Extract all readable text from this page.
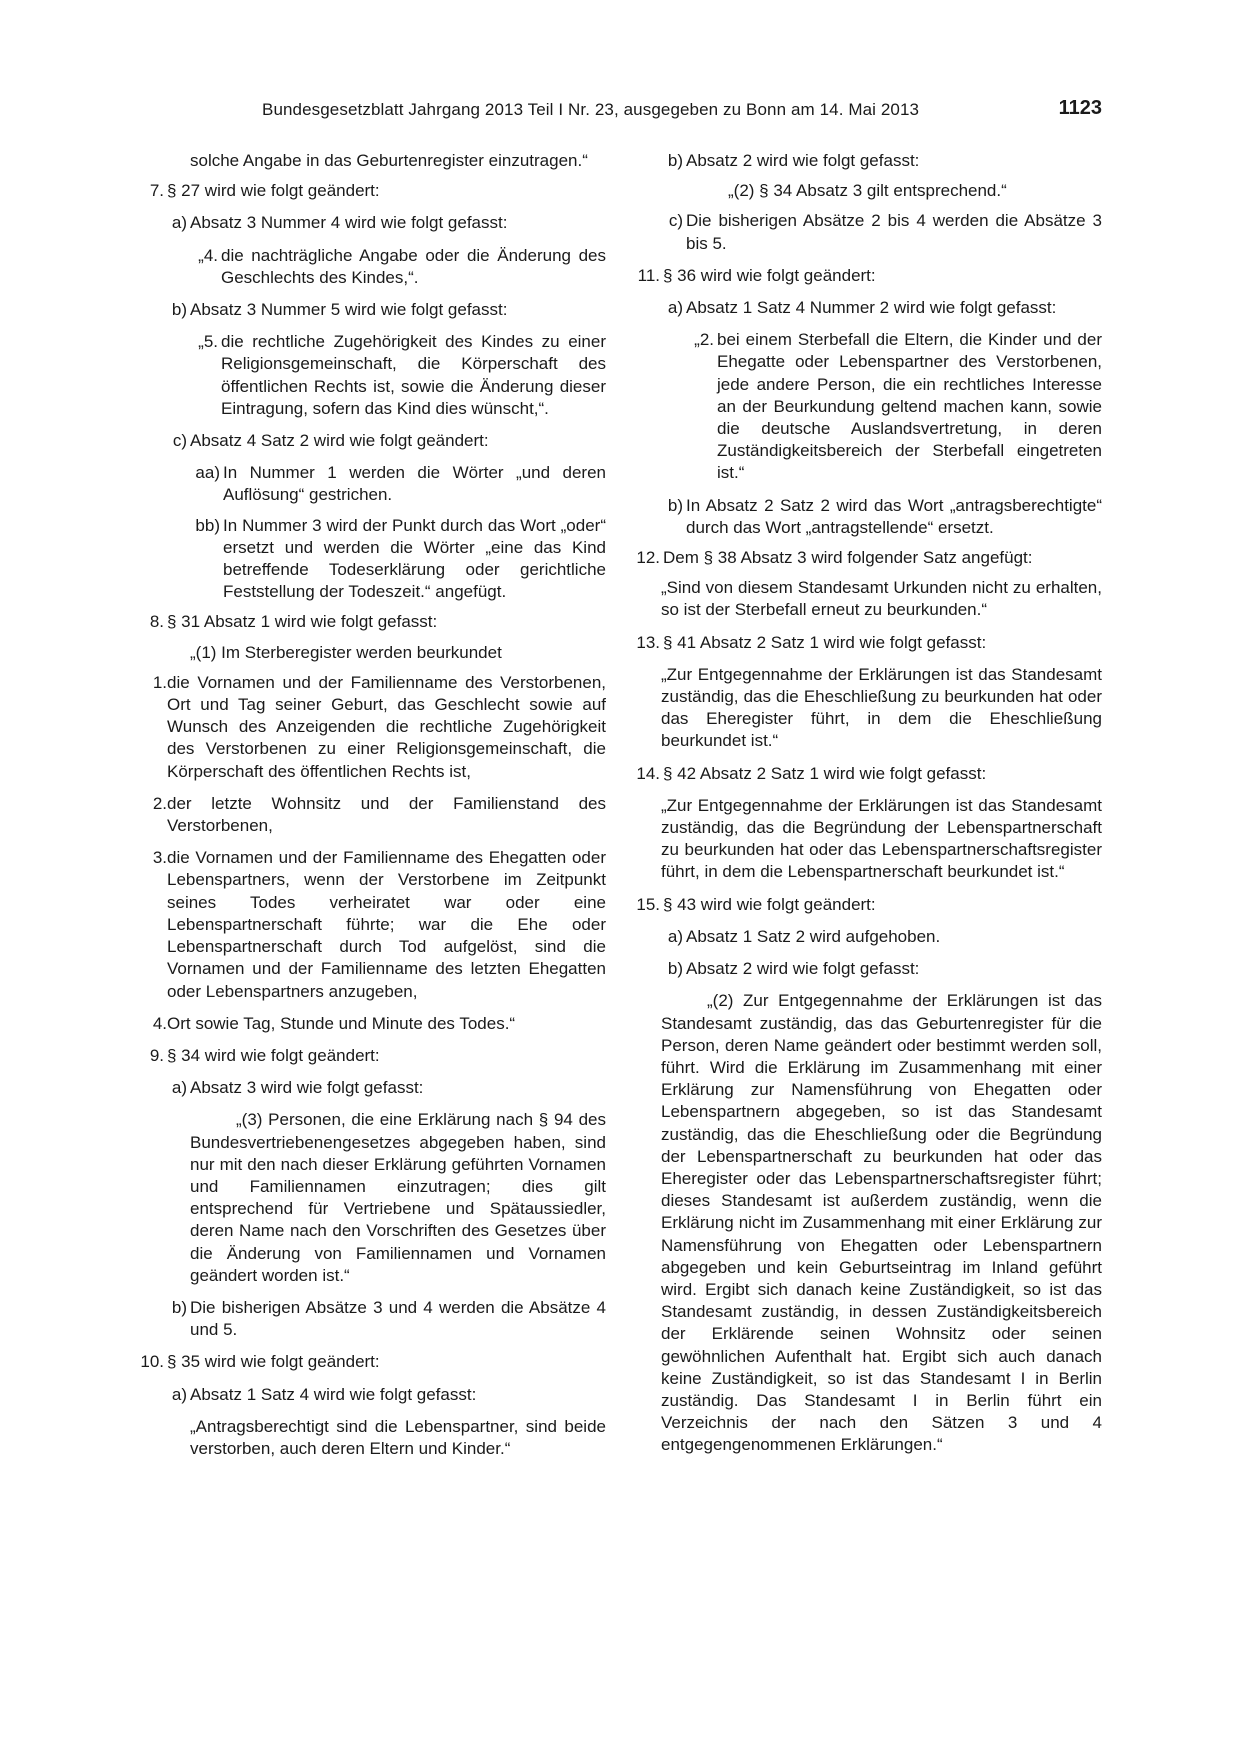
Bundesgesetzblatt Jahrgang 2013 Teil I Nr. 23, ausgegeben zu Bonn am 14. Mai 2013	1123
solche Angabe in das Geburtenregister einzutragen.“
7. § 27 wird wie folgt geändert:
a) Absatz 3 Nummer 4 wird wie folgt gefasst:
„4. die nachträgliche Angabe oder die Änderung des Geschlechts des Kindes,“.
b) Absatz 3 Nummer 5 wird wie folgt gefasst:
„5. die rechtliche Zugehörigkeit des Kindes zu einer Religionsgemeinschaft, die Körperschaft des öffentlichen Rechts ist, sowie die Änderung dieser Eintragung, sofern das Kind dies wünscht,“.
c) Absatz 4 Satz 2 wird wie folgt geändert:
aa) In Nummer 1 werden die Wörter „und deren Auflösung“ gestrichen.
bb) In Nummer 3 wird der Punkt durch das Wort „oder“ ersetzt und werden die Wörter „eine das Kind betreffende Todeserklärung oder gerichtliche Feststellung der Todeszeit.“ angefügt.
8. § 31 Absatz 1 wird wie folgt gefasst:
„(1) Im Sterberegister werden beurkundet
1. die Vornamen und der Familienname des Verstorbenen, Ort und Tag seiner Geburt, das Geschlecht sowie auf Wunsch des Anzeigenden die rechtliche Zugehörigkeit des Verstorbenen zu einer Religionsgemeinschaft, die Körperschaft des öffentlichen Rechts ist,
2. der letzte Wohnsitz und der Familienstand des Verstorbenen,
3. die Vornamen und der Familienname des Ehegatten oder Lebenspartners, wenn der Verstorbene im Zeitpunkt seines Todes verheiratet war oder eine Lebenspartnerschaft führte; war die Ehe oder Lebenspartnerschaft durch Tod aufgelöst, sind die Vornamen und der Familienname des letzten Ehegatten oder Lebenspartners anzugeben,
4. Ort sowie Tag, Stunde und Minute des Todes.“
9. § 34 wird wie folgt geändert:
a) Absatz 3 wird wie folgt gefasst:
„(3) Personen, die eine Erklärung nach § 94 des Bundesvertriebenengesetzes abgegeben haben, sind nur mit den nach dieser Erklärung geführten Vornamen und Familiennamen einzutragen; dies gilt entsprechend für Vertriebene und Spätaussiedler, deren Name nach den Vorschriften des Gesetzes über die Änderung von Familiennamen und Vornamen geändert worden ist.“
b) Die bisherigen Absätze 3 und 4 werden die Absätze 4 und 5.
10. § 35 wird wie folgt geändert:
a) Absatz 1 Satz 4 wird wie folgt gefasst:
„Antragsberechtigt sind die Lebenspartner, sind beide verstorben, auch deren Eltern und Kinder.“
b) Absatz 2 wird wie folgt gefasst:
„(2) § 34 Absatz 3 gilt entsprechend.“
c) Die bisherigen Absätze 2 bis 4 werden die Absätze 3 bis 5.
11. § 36 wird wie folgt geändert:
a) Absatz 1 Satz 4 Nummer 2 wird wie folgt gefasst:
„2. bei einem Sterbefall die Eltern, die Kinder und der Ehegatte oder Lebenspartner des Verstorbenen, jede andere Person, die ein rechtliches Interesse an der Beurkundung geltend machen kann, sowie die deutsche Auslandsvertretung, in deren Zuständigkeitsbereich der Sterbefall eingetreten ist.“
b) In Absatz 2 Satz 2 wird das Wort „antragsberechtigte“ durch das Wort „antragstellende“ ersetzt.
12. Dem § 38 Absatz 3 wird folgender Satz angefügt:
„Sind von diesem Standesamt Urkunden nicht zu erhalten, so ist der Sterbefall erneut zu beurkunden.“
13. § 41 Absatz 2 Satz 1 wird wie folgt gefasst:
„Zur Entgegennahme der Erklärungen ist das Standesamt zuständig, das die Eheschließung zu beurkunden hat oder das Eheregister führt, in dem die Eheschließung beurkundet ist.“
14. § 42 Absatz 2 Satz 1 wird wie folgt gefasst:
„Zur Entgegennahme der Erklärungen ist das Standesamt zuständig, das die Begründung der Lebenspartnerschaft zu beurkunden hat oder das Lebenspartnerschaftsregister führt, in dem die Lebenspartnerschaft beurkundet ist.“
15. § 43 wird wie folgt geändert:
a) Absatz 1 Satz 2 wird aufgehoben.
b) Absatz 2 wird wie folgt gefasst:
„(2) Zur Entgegennahme der Erklärungen ist das Standesamt zuständig, das das Geburtenregister für die Person, deren Name geändert oder bestimmt werden soll, führt. Wird die Erklärung im Zusammenhang mit einer Erklärung zur Namensführung von Ehegatten oder Lebenspartnern abgegeben, so ist das Standesamt zuständig, das die Eheschließung oder die Begründung der Lebenspartnerschaft zu beurkunden hat oder das Eheregister oder das Lebenspartnerschaftsregister führt; dieses Standesamt ist außerdem zuständig, wenn die Erklärung nicht im Zusammenhang mit einer Erklärung zur Namensführung von Ehegatten oder Lebenspartnern abgegeben und kein Geburtseintrag im Inland geführt wird. Ergibt sich danach keine Zuständigkeit, so ist das Standesamt zuständig, in dessen Zuständigkeitsbereich der Erklärende seinen Wohnsitz oder seinen gewöhnlichen Aufenthalt hat. Ergibt sich auch danach keine Zuständigkeit, so ist das Standesamt I in Berlin zuständig. Das Standesamt I in Berlin führt ein Verzeichnis der nach den Sätzen 3 und 4 entgegengenommenen Erklärungen.“
